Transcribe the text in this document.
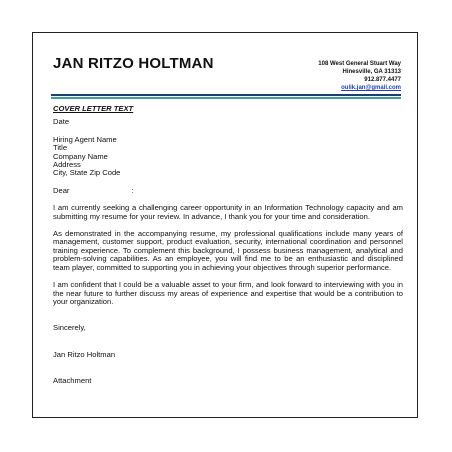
JAN RITZO HOLTMAN	108 West General Stuart Way
Hinesville, GA 31313
912.877.4477
oulik.jan@gmail.com

COVER LETTER TEXT

Date

Hiring Agent Name

Title

Company Name

Address

City, State Zip Code

Dear	:

I am currently seeking a challenging career opportunity in an Information Technology capacity and am submitting my resume for your review. In advance, I thank you for your time and consideration.

As demonstrated in the accompanying resume, my professional qualifications include many years of management, customer support, product evaluation, security, international coordination and personnel training experience. To complement this background, I possess business management, analytical and problem-solving capabilities. As an employee, you will find me to be an enthusiastic and disciplined team player, committed to supporting you in achieving your objectives through superior performance.

I am confident that I could be a valuable asset to your firm, and look forward to interviewing with you in the near future to further discuss my areas of experience and expertise that would be a contribution to your organization.

Sincerely,

Jan Ritzo Holtman

Attachment
